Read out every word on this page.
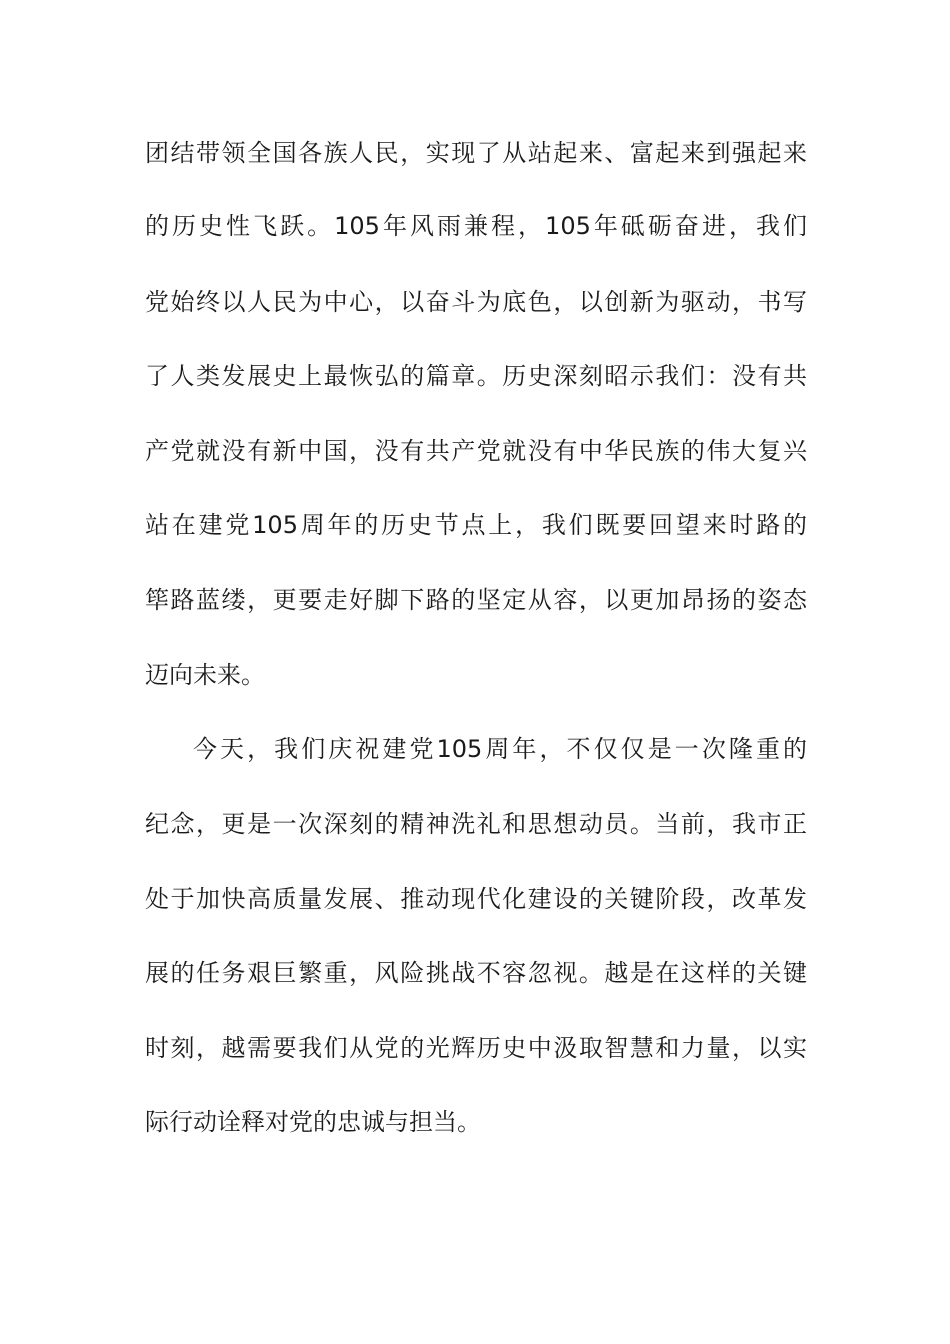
团结带领全国各族人民，实现了从站起来、富起来到强起来
的历史性飞跃。105年风雨兼程，105年砥砺奋进，我们
党始终以人民为中心，以奋斗为底色，以创新为驱动，书写
了人类发展史上最恢弘的篇章。历史深刻昭示我们：没有共
产党就没有新中国，没有共产党就没有中华民族的伟大复兴
站在建党105周年的历史节点上，我们既要回望来时路的
筚路蓝缕，更要走好脚下路的坚定从容，以更加昂扬的姿态
迈向未来。
今天，我们庆祝建党105周年，不仅仅是一次隆重的
纪念，更是一次深刻的精神洗礼和思想动员。当前，我市正
处于加快高质量发展、推动现代化建设的关键阶段，改革发
展的任务艰巨繁重，风险挑战不容忽视。越是在这样的关键
时刻，越需要我们从党的光辉历史中汲取智慧和力量，以实
际行动诠释对党的忠诚与担当。
